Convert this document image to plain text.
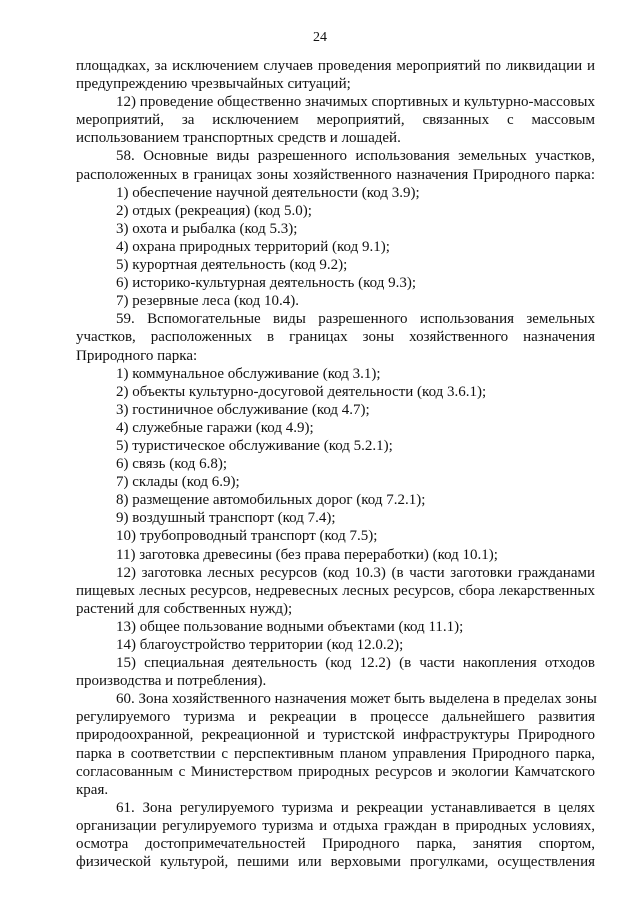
24
площадках, за исключением случаев проведения мероприятий по ликвидации и
предупреждению чрезвычайных ситуаций;
12) проведение общественно значимых спортивных и культурно-массовых
мероприятий, за исключением мероприятий, связанных с массовым
использованием транспортных средств и лошадей.
58. Основные виды разрешенного использования земельных участков,
расположенных в границах зоны хозяйственного назначения Природного парка:
1) обеспечение научной деятельности (код 3.9);
2) отдых (рекреация) (код 5.0);
3) охота и рыбалка (код 5.3);
4) охрана природных территорий (код 9.1);
5) курортная деятельность (код 9.2);
6) историко-культурная деятельность (код 9.3);
7) резервные леса (код 10.4).
59. Вспомогательные виды разрешенного использования земельных
участков, расположенных в границах зоны хозяйственного назначения
Природного парка:
1) коммунальное обслуживание (код 3.1);
2) объекты культурно-досуговой деятельности (код 3.6.1);
3) гостиничное обслуживание (код 4.7);
4) служебные гаражи (код 4.9);
5) туристическое обслуживание (код 5.2.1);
6) связь (код 6.8);
7) склады (код 6.9);
8) размещение автомобильных дорог (код 7.2.1);
9) воздушный транспорт (код 7.4);
10) трубопроводный транспорт (код 7.5);
11) заготовка древесины (без права переработки) (код 10.1);
12) заготовка лесных ресурсов (код 10.3) (в части заготовки гражданами
пищевых лесных ресурсов, недревесных лесных ресурсов, сбора лекарственных
растений для собственных нужд);
13) общее пользование водными объектами (код 11.1);
14) благоустройство территории (код 12.0.2);
15) специальная деятельность (код 12.2) (в части накопления отходов
производства и потребления).
60. Зона хозяйственного назначения может быть выделена в пределах зоны
регулируемого туризма и рекреации в процессе дальнейшего развития
природоохранной, рекреационной и туристской инфраструктуры Природного
парка в соответствии с перспективным планом управления Природного парка,
согласованным с Министерством природных ресурсов и экологии Камчатского
края.
61. Зона регулируемого туризма и рекреации устанавливается в целях
организации регулируемого туризма и отдыха граждан в природных условиях,
осмотра достопримечательностей Природного парка, занятия спортом,
физической культурой, пешими или верховыми прогулками, осуществления
